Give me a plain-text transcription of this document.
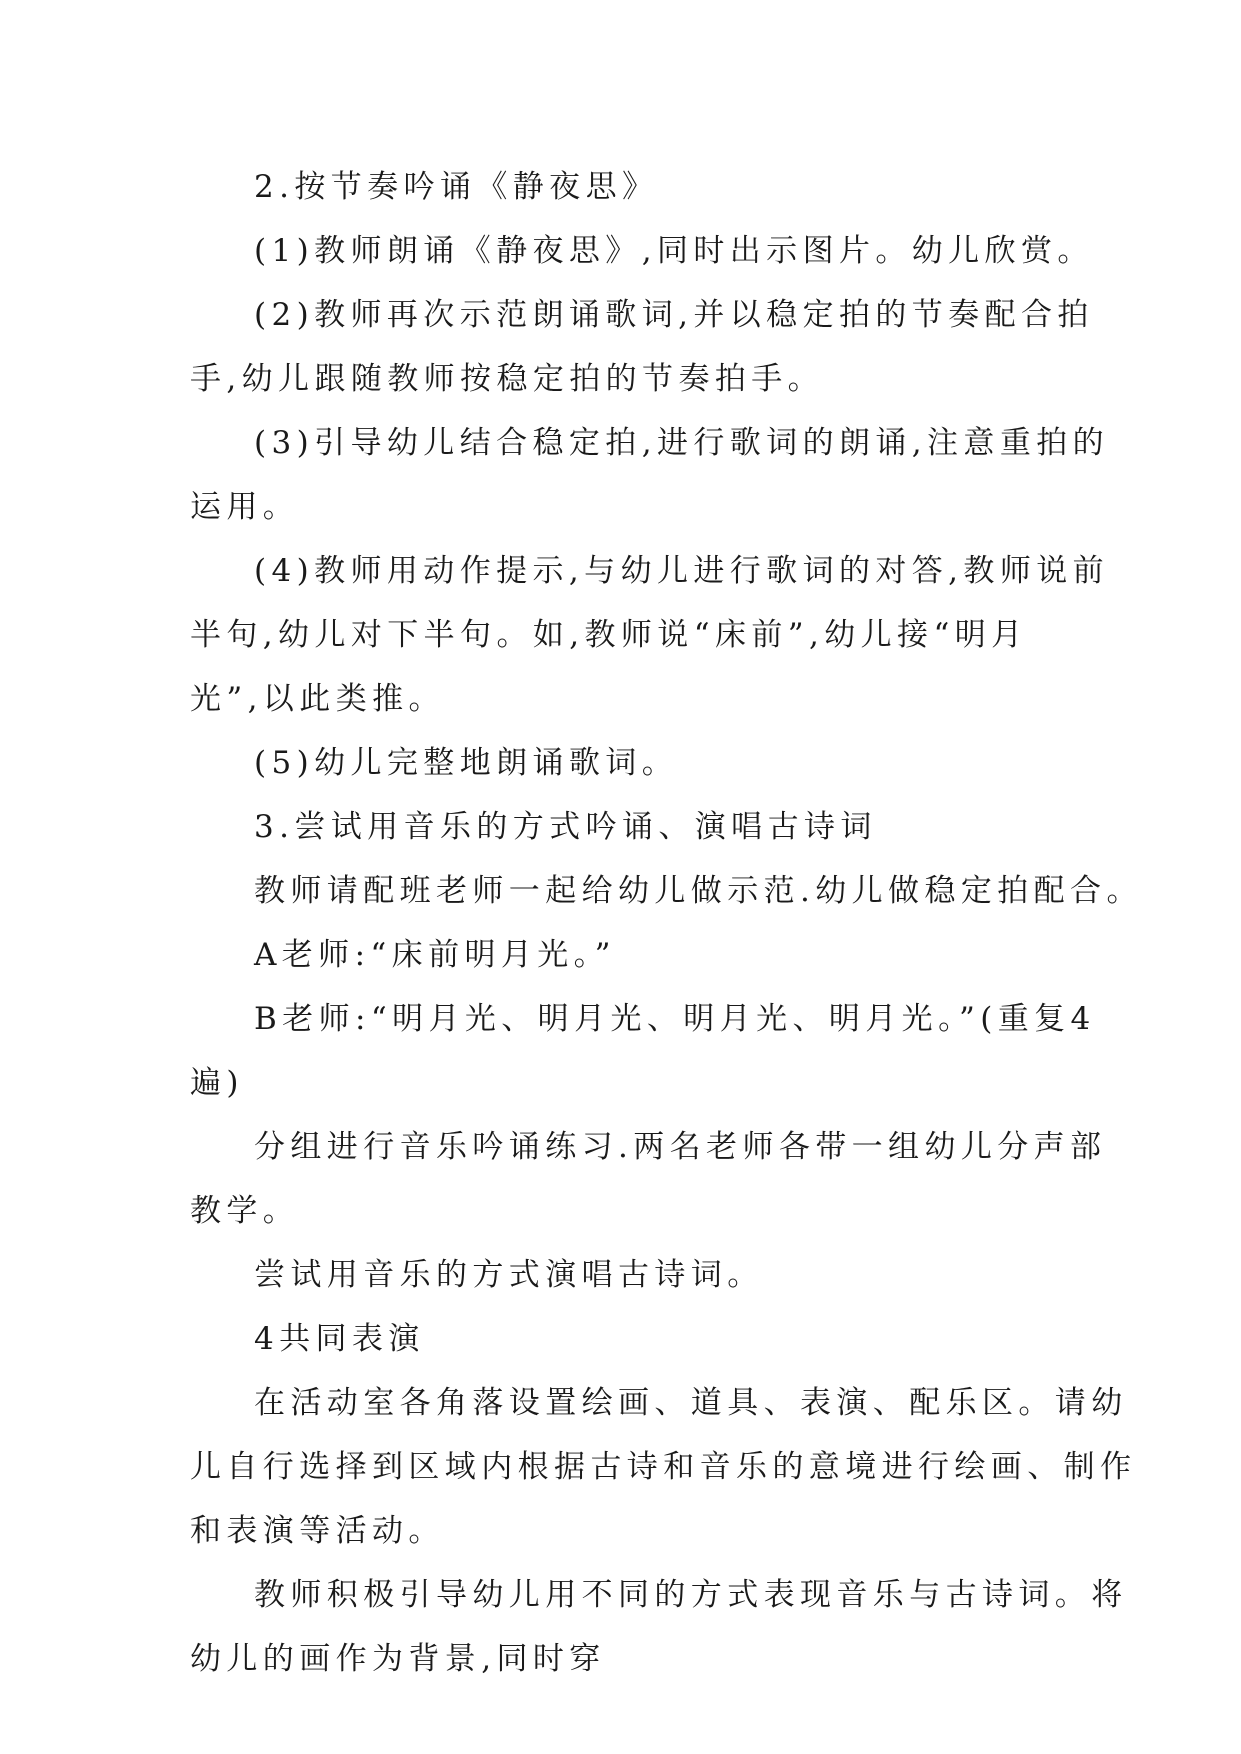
2.按节奏吟诵《静夜思》

(1)教师朗诵《静夜思》,同时出示图片。幼儿欣赏。

(2)教师再次示范朗诵歌词,并以稳定拍的节奏配合拍

手,幼儿跟随教师按稳定拍的节奏拍手。

(3)引导幼儿结合稳定拍,进行歌词的朗诵,注意重拍的

运用。

(4)教师用动作提示,与幼儿进行歌词的对答,教师说前

半句,幼儿对下半句。如,教师说“床前”,幼儿接“明月

光”,以此类推。

(5)幼儿完整地朗诵歌词。

3.尝试用音乐的方式吟诵、演唱古诗词

教师请配班老师一起给幼儿做示范.幼儿做稳定拍配合。

A老师:“床前明月光。”

B老师:“明月光、明月光、明月光、明月光。”(重复4

遍)

分组进行音乐吟诵练习.两名老师各带一组幼儿分声部

教学。

尝试用音乐的方式演唱古诗词。

4共同表演

在活动室各角落设置绘画、道具、表演、配乐区。请幼

儿自行选择到区域内根据古诗和音乐的意境进行绘画、制作

和表演等活动。

教师积极引导幼儿用不同的方式表现音乐与古诗词。将

幼儿的画作为背景,同时穿
